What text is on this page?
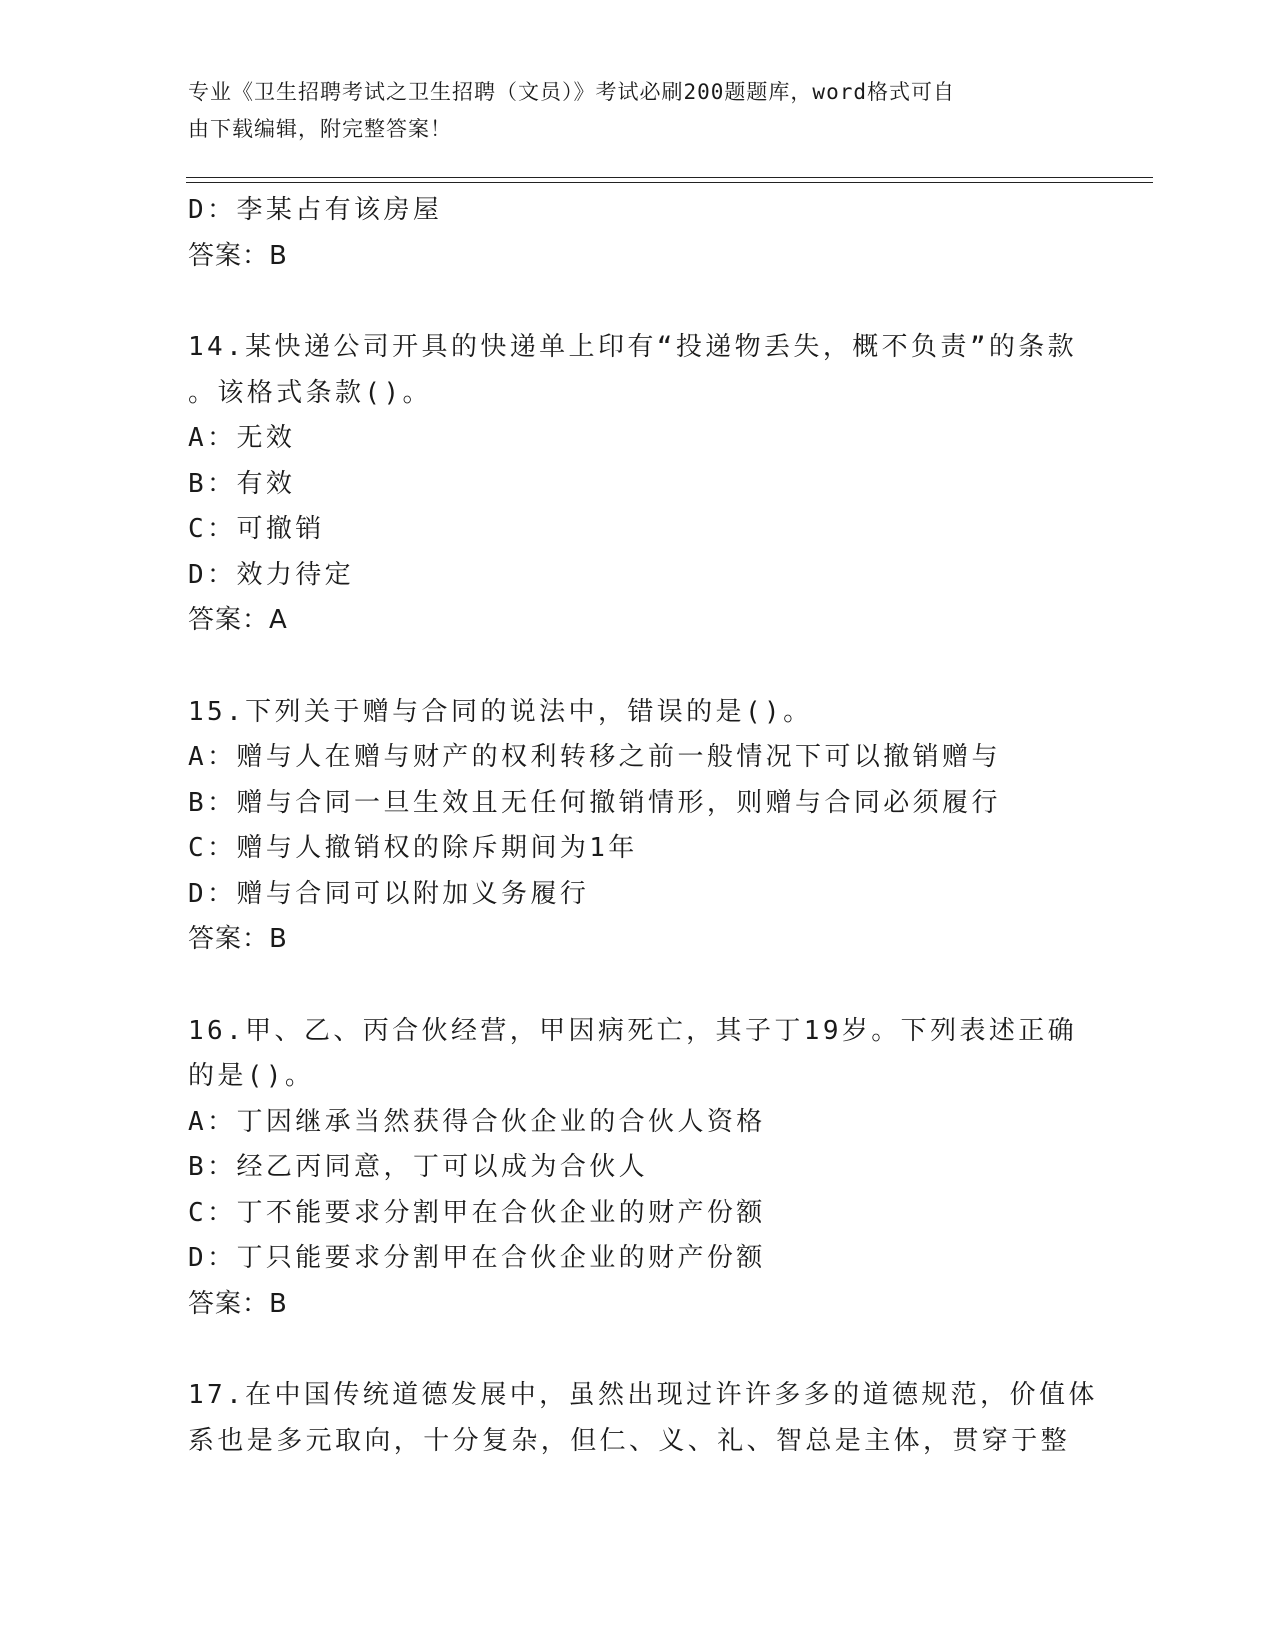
专业《卫生招聘考试之卫生招聘（文员）》考试必刷200题题库，word格式可自
由下载编辑，附完整答案！
D：李某占有该房屋
答案：B
14.某快递公司开具的快递单上印有“投递物丢失，概不负责”的条款
。该格式条款()。
A：无效
B：有效
C：可撤销
D：效力待定
答案：A
15.下列关于赠与合同的说法中，错误的是()。
A：赠与人在赠与财产的权利转移之前一般情况下可以撤销赠与
B：赠与合同一旦生效且无任何撤销情形，则赠与合同必须履行
C：赠与人撤销权的除斥期间为1年
D：赠与合同可以附加义务履行
答案：B
16.甲、乙、丙合伙经营，甲因病死亡，其子丁19岁。下列表述正确
的是()。
A：丁因继承当然获得合伙企业的合伙人资格
B：经乙丙同意，丁可以成为合伙人
C：丁不能要求分割甲在合伙企业的财产份额
D：丁只能要求分割甲在合伙企业的财产份额
答案：B
17.在中国传统道德发展中，虽然出现过许许多多的道德规范，价值体
系也是多元取向，十分复杂，但仁、义、礼、智总是主体，贯穿于整
